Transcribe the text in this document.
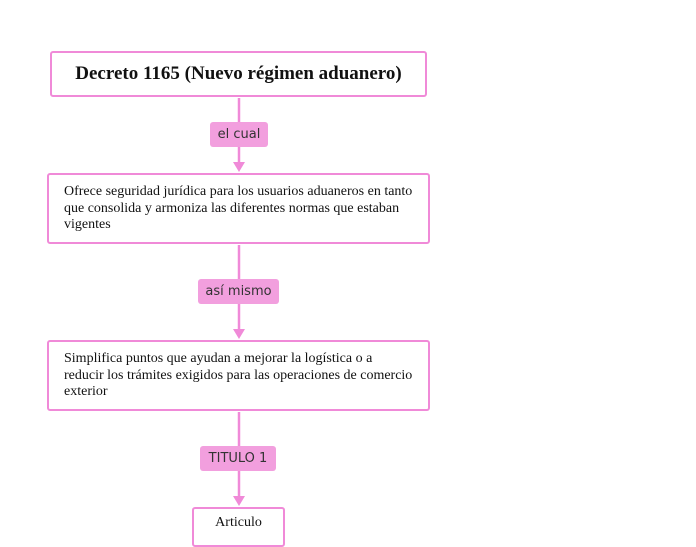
Decreto 1165 (Nuevo régimen aduanero)
el cual
Ofrece seguridad jurídica para los usuarios aduaneros en tanto que consolida y armoniza las diferentes normas que estaban vigentes
así mismo
Simplifica puntos que ayudan a mejorar la logística o a reducir los trámites exigidos para las operaciones de comercio exterior
TITULO 1
Articulo
